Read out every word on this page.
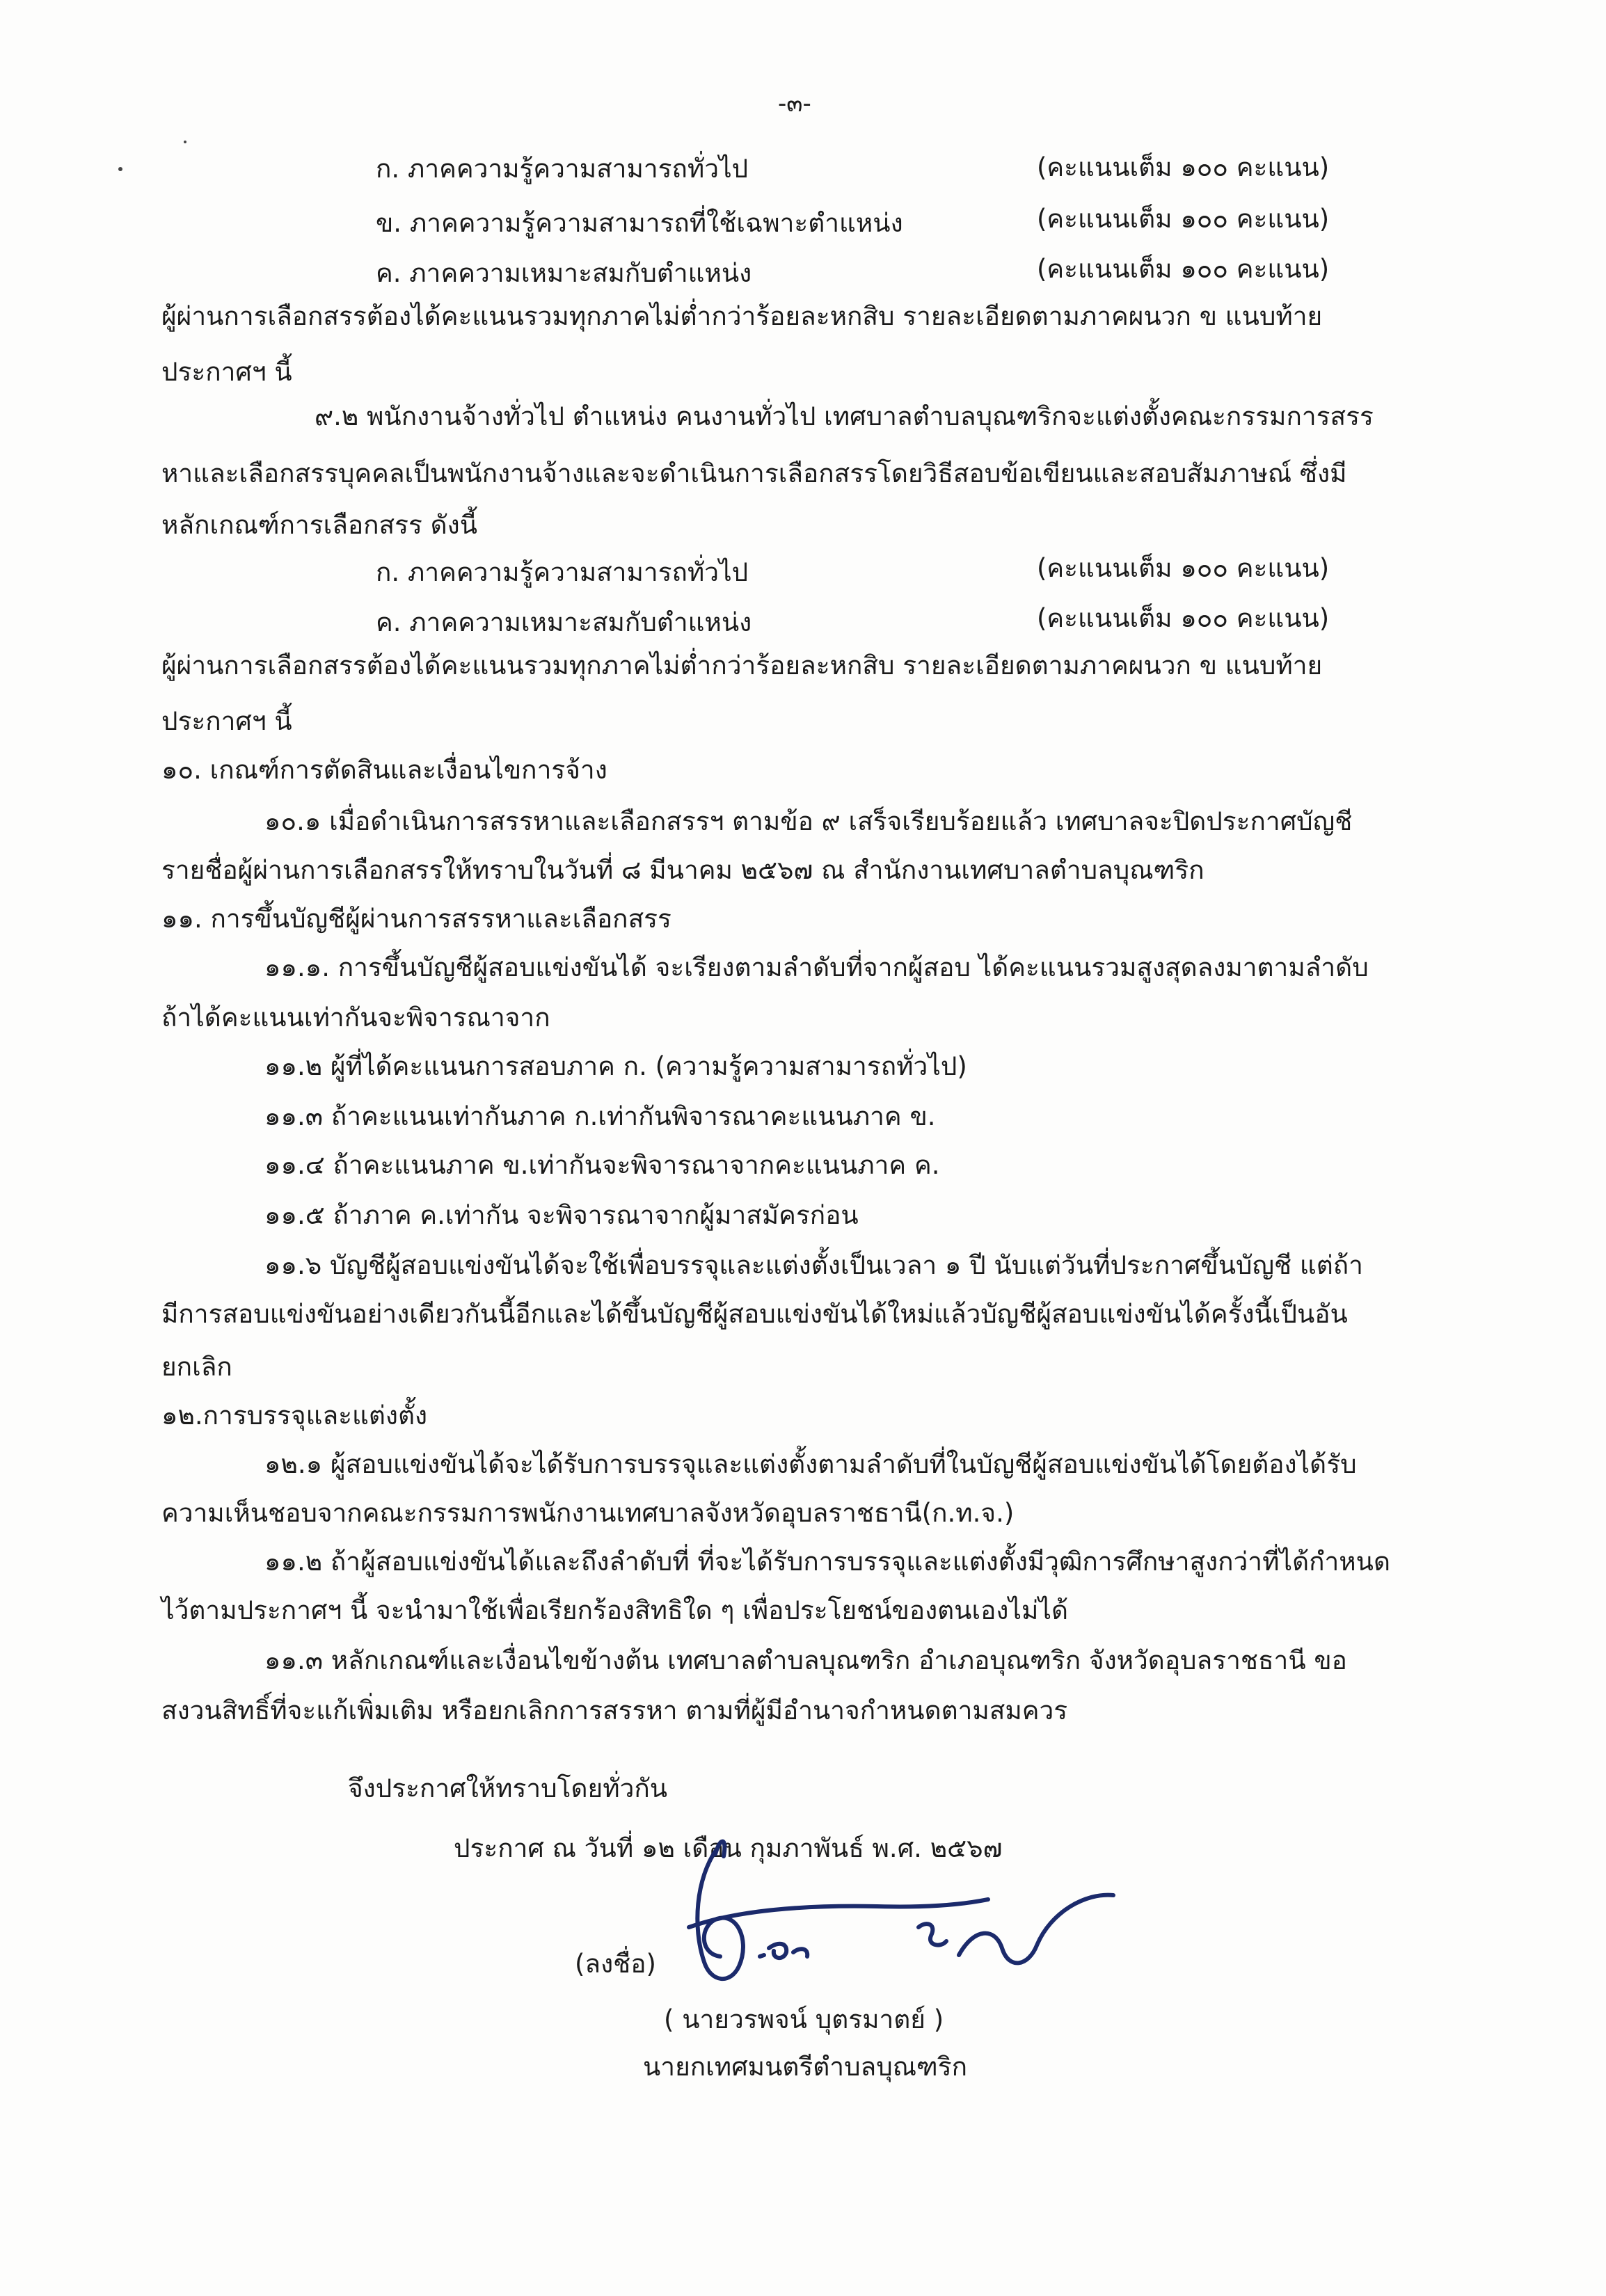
-๓-
ก. ภาคความรู้ความสามารถทั่วไป	(คะแนนเต็ม ๑๐๐ คะแนน)
ข. ภาคความรู้ความสามารถที่ใช้เฉพาะตำแหน่ง	(คะแนนเต็ม ๑๐๐ คะแนน)
ค. ภาคความเหมาะสมกับตำแหน่ง	(คะแนนเต็ม ๑๐๐ คะแนน)
ผู้ผ่านการเลือกสรรต้องได้คะแนนรวมทุกภาคไม่ต่ำกว่าร้อยละหกสิบ รายละเอียดตามภาคผนวก ข แนบท้าย
ประกาศฯ นี้
๙.๒ พนักงานจ้างทั่วไป ตำแหน่ง คนงานทั่วไป เทศบาลตำบลบุณฑริกจะแต่งตั้งคณะกรรมการสรร
หาและเลือกสรรบุคคลเป็นพนักงานจ้างและจะดำเนินการเลือกสรรโดยวิธีสอบข้อเขียนและสอบสัมภาษณ์ ซึ่งมี
หลักเกณฑ์การเลือกสรร ดังนี้
ก. ภาคความรู้ความสามารถทั่วไป	(คะแนนเต็ม ๑๐๐ คะแนน)
ค. ภาคความเหมาะสมกับตำแหน่ง	(คะแนนเต็ม ๑๐๐ คะแนน)
ผู้ผ่านการเลือกสรรต้องได้คะแนนรวมทุกภาคไม่ต่ำกว่าร้อยละหกสิบ รายละเอียดตามภาคผนวก ข แนบท้าย
ประกาศฯ นี้
๑๐. เกณฑ์การตัดสินและเงื่อนไขการจ้าง
๑๐.๑ เมื่อดำเนินการสรรหาและเลือกสรรฯ ตามข้อ ๙ เสร็จเรียบร้อยแล้ว เทศบาลจะปิดประกาศบัญชี
รายชื่อผู้ผ่านการเลือกสรรให้ทราบในวันที่ ๘ มีนาคม ๒๕๖๗ ณ สำนักงานเทศบาลตำบลบุณฑริก
๑๑. การขึ้นบัญชีผู้ผ่านการสรรหาและเลือกสรร
๑๑.๑. การขึ้นบัญชีผู้สอบแข่งขันได้ จะเรียงตามลำดับที่จากผู้สอบ ได้คะแนนรวมสูงสุดลงมาตามลำดับ
ถ้าได้คะแนนเท่ากันจะพิจารณาจาก
๑๑.๒ ผู้ที่ได้คะแนนการสอบภาค ก. (ความรู้ความสามารถทั่วไป)
๑๑.๓ ถ้าคะแนนเท่ากันภาค ก.เท่ากันพิจารณาคะแนนภาค ข.
๑๑.๔ ถ้าคะแนนภาค ข.เท่ากันจะพิจารณาจากคะแนนภาค ค.
๑๑.๕ ถ้าภาค ค.เท่ากัน จะพิจารณาจากผู้มาสมัครก่อน
๑๑.๖ บัญชีผู้สอบแข่งขันได้จะใช้เพื่อบรรจุและแต่งตั้งเป็นเวลา ๑ ปี นับแต่วันที่ประกาศขึ้นบัญชี แต่ถ้า
มีการสอบแข่งขันอย่างเดียวกันนี้อีกและได้ขึ้นบัญชีผู้สอบแข่งขันได้ใหม่แล้วบัญชีผู้สอบแข่งขันได้ครั้งนี้เป็นอัน
ยกเลิก
๑๒.การบรรจุและแต่งตั้ง
๑๒.๑ ผู้สอบแข่งขันได้จะได้รับการบรรจุและแต่งตั้งตามลำดับที่ในบัญชีผู้สอบแข่งขันได้โดยต้องได้รับ
ความเห็นชอบจากคณะกรรมการพนักงานเทศบาลจังหวัดอุบลราชธานี(ก.ท.จ.)
๑๑.๒ ถ้าผู้สอบแข่งขันได้และถึงลำดับที่ ที่จะได้รับการบรรจุและแต่งตั้งมีวุฒิการศึกษาสูงกว่าที่ได้กำหนด
ไว้ตามประกาศฯ นี้ จะนำมาใช้เพื่อเรียกร้องสิทธิใด ๆ เพื่อประโยชน์ของตนเองไม่ได้
๑๑.๓ หลักเกณฑ์และเงื่อนไขข้างต้น เทศบาลตำบลบุณฑริก อำเภอบุณฑริก จังหวัดอุบลราชธานี ขอ
สงวนสิทธิ์ที่จะแก้เพิ่มเติม หรือยกเลิกการสรรหา ตามที่ผู้มีอำนาจกำหนดตามสมควร
จึงประกาศให้ทราบโดยทั่วกัน
ประกาศ ณ วันที่ ๑๒ เดือน กุมภาพันธ์ พ.ศ. ๒๕๖๗
(ลงชื่อ)
( นายวรพจน์ บุตรมาตย์ )
นายกเทศมนตรีตำบลบุณฑริก
